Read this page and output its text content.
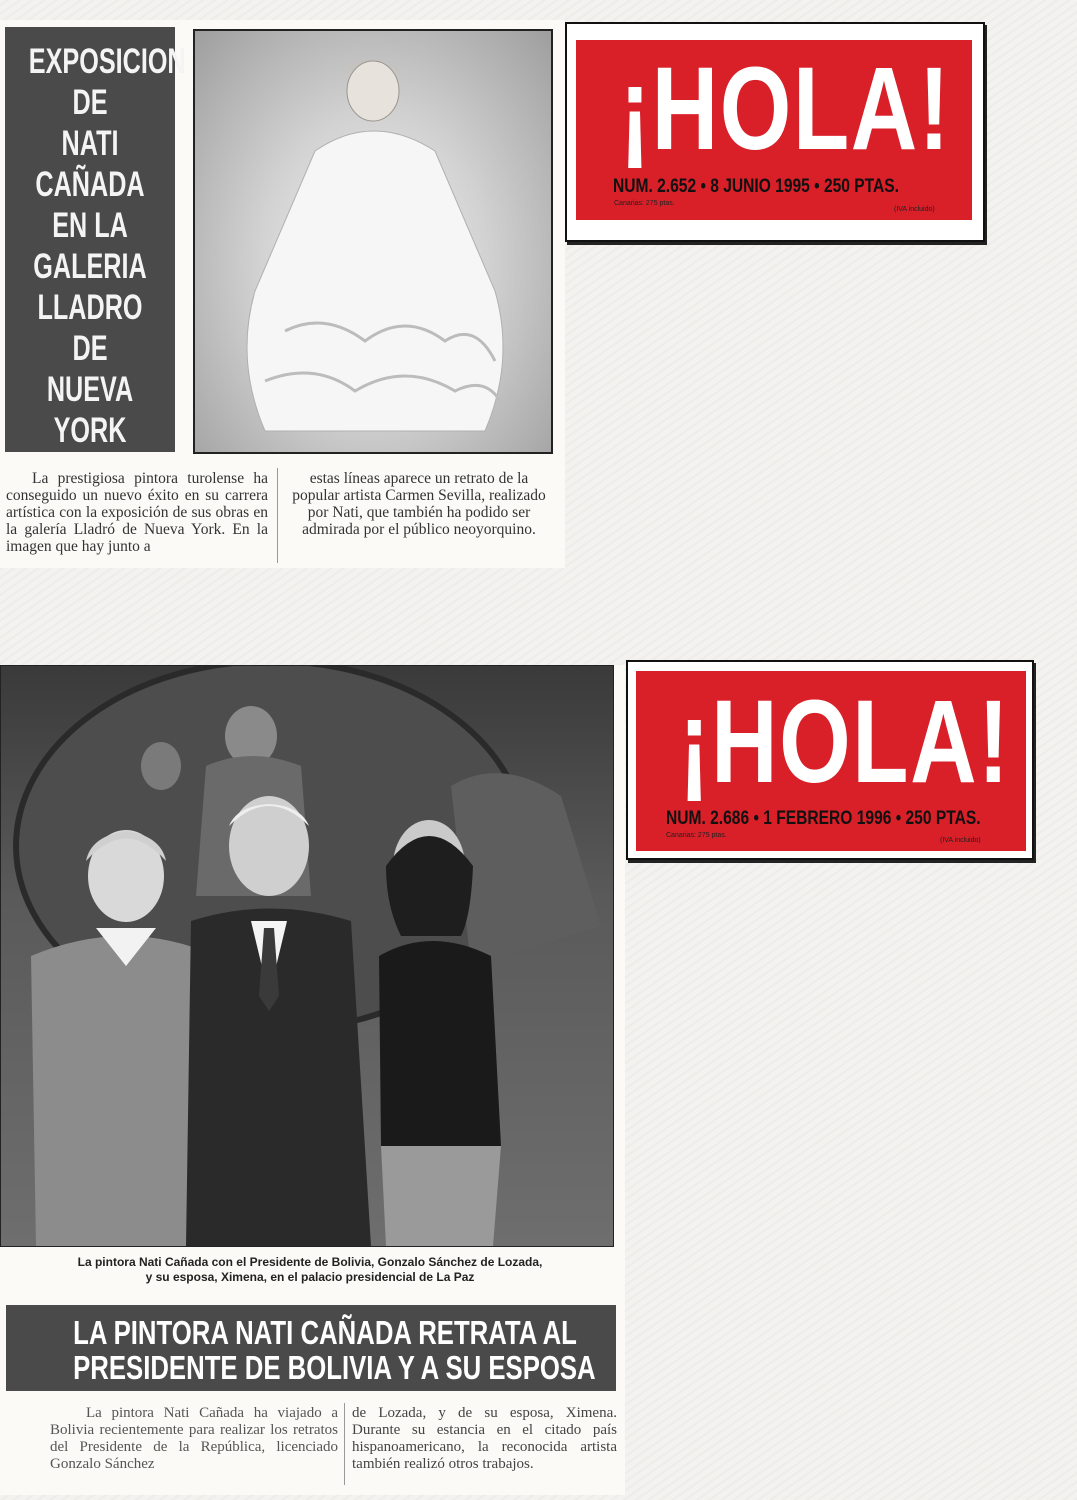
EXPOSICION
DE
NATI
CAÑADA
EN LA
GALERIA
LLADRO
DE
NUEVA
YORK
La prestigiosa pintora turolense ha conseguido un nuevo éxito en su carrera artística con la exposición de sus obras en la galería Lladró de Nueva York. En la imagen que hay junto a
estas líneas aparece un retrato de la popular artista Carmen Sevilla, realizado por Nati, que también ha podido ser admirada por el público neoyorquino.
¡HOLA!
NUM. 2.652 • 8 JUNIO 1995 • 250 PTAS.
Canarias: 275 ptas.
(IVA incluido)
¡HOLA!
NUM. 2.686 • 1 FEBRERO 1996 • 250 PTAS.
Canarias: 275 ptas.
(IVA incluido)
La pintora Nati Cañada con el Presidente de Bolivia, Gonzalo Sánchez de Lozada,
y su esposa, Ximena, en el palacio presidencial de La Paz
LA PINTORA NATI CAÑADA RETRATA AL
PRESIDENTE DE BOLIVIA Y A SU ESPOSA
La pintora Nati Cañada ha viajado a Bolivia recientemente para realizar los retratos del Presidente de la República, licenciado Gonzalo Sánchez
de Lozada, y de su esposa, Ximena. Durante su estancia en el citado país hispanoamericano, la reconocida artista también realizó otros trabajos.
